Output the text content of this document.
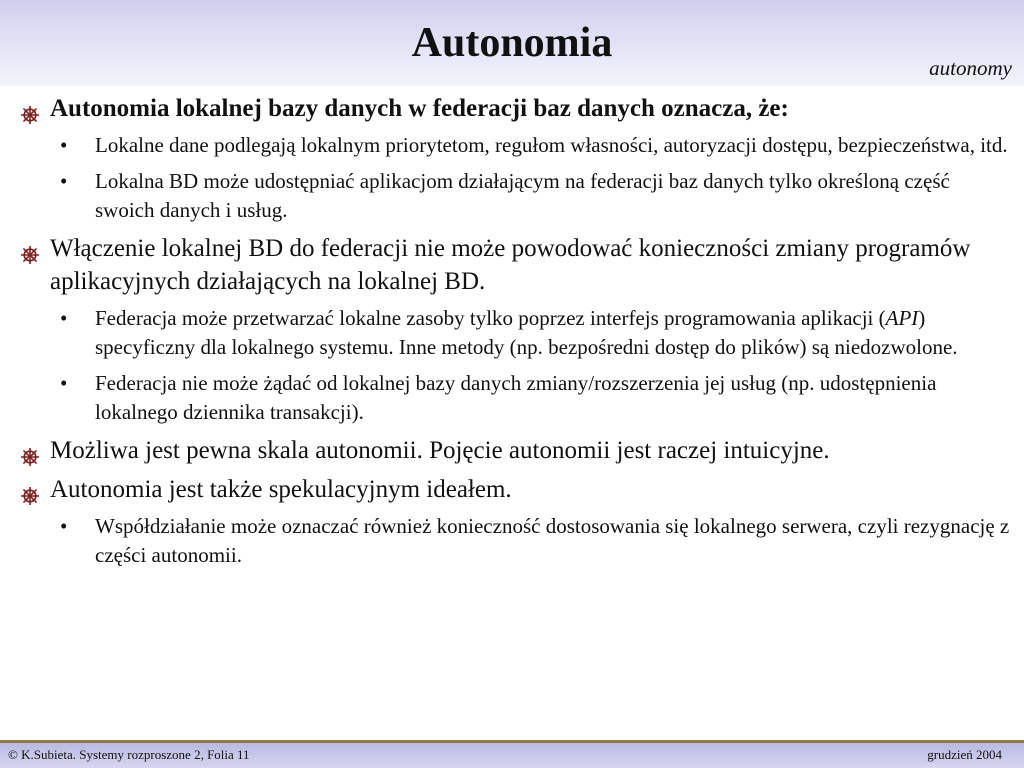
Autonomia
autonomy
Autonomia lokalnej bazy danych w federacji baz danych oznacza, że:
• Lokalne dane podlegają lokalnym priorytetom, regułom własności, autoryzacji dostępu, bezpieczeństwa, itd.
• Lokalna BD może udostępniać aplikacjom działającym na federacji baz danych tylko określoną część swoich danych i usług.
Włączenie lokalnej BD do federacji nie może powodować konieczności zmiany programów aplikacyjnych działających na lokalnej BD.
• Federacja może przetwarzać lokalne zasoby tylko poprzez interfejs programowania aplikacji (API) specyficzny dla lokalnego systemu. Inne metody (np. bezpośredni dostęp do plików) są niedozwolone.
• Federacja nie może żądać od lokalnej bazy danych zmiany/rozszerzenia jej usług (np. udostępnienia lokalnego dziennika transakcji).
Możliwa jest pewna skala autonomii. Pojęcie autonomii jest raczej intuicyjne.
Autonomia jest także spekulacyjnym ideałem.
• Współdziałanie może oznaczać również konieczność dostosowania się lokalnego serwera, czyli rezygnację z części autonomii.
© K.Subieta. Systemy rozproszone 2, Folia 11	grudzień 2004
